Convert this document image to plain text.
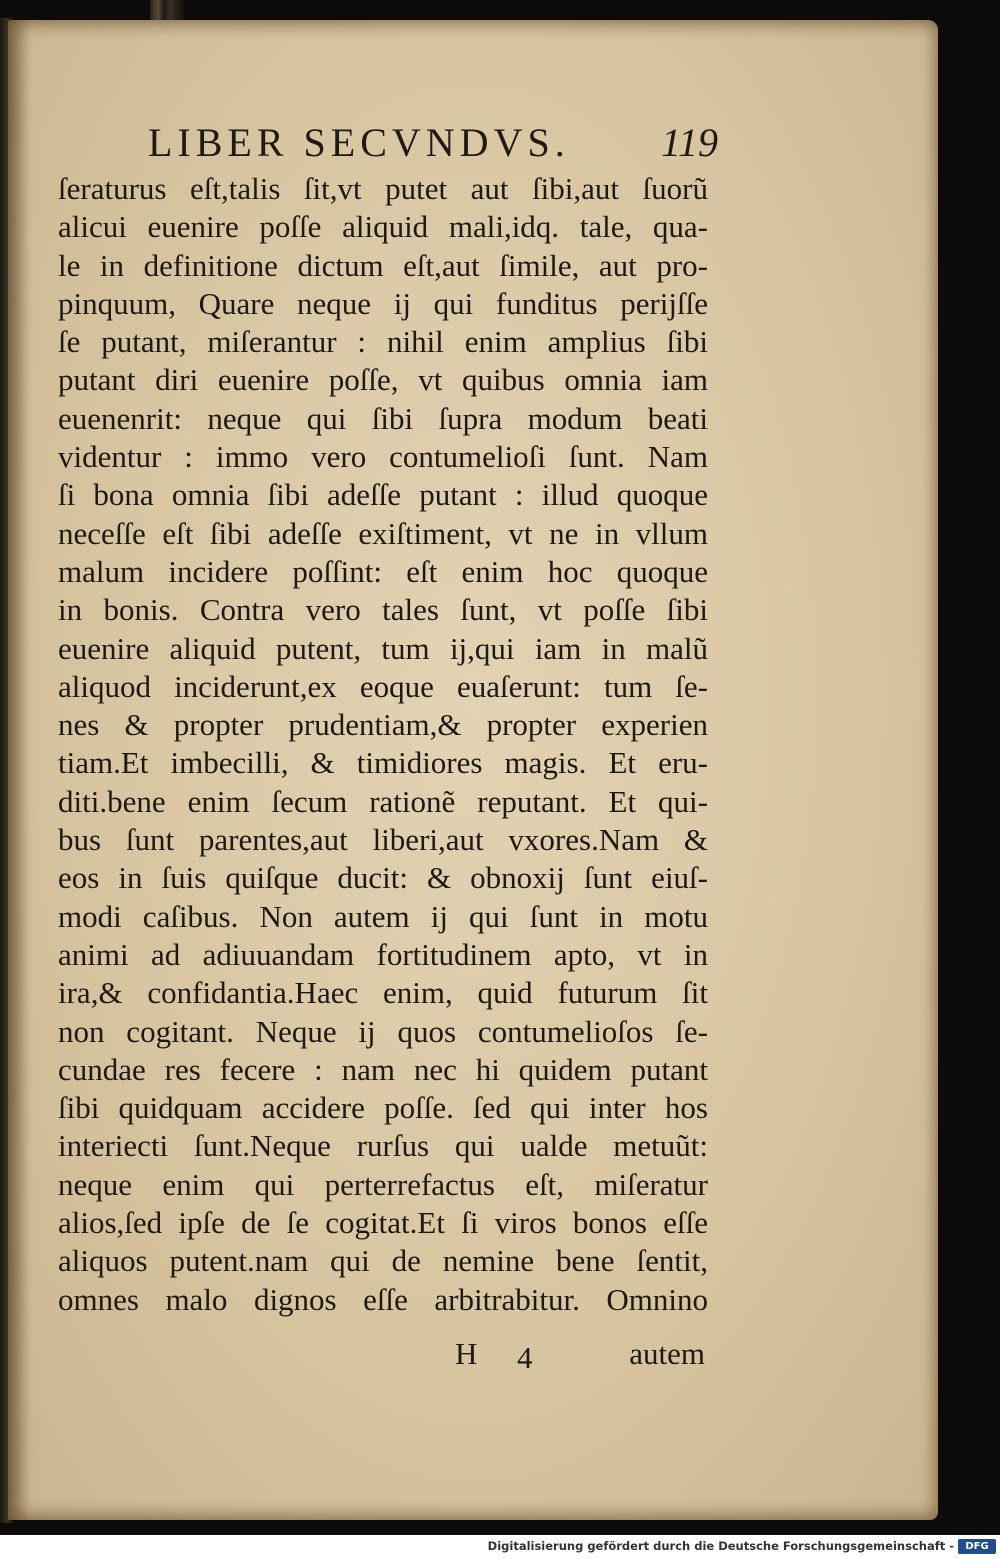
LIBER SECVNDVS. 119
ſeraturus eſt,talis ſit,vt putet aut ſibi,aut ſuorũ
alicui euenire poſſe aliquid mali,idq. tale, qua-
le in definitione dictum eſt,aut ſimile, aut pro-
pinquum, Quare neque ij qui funditus perijſſe
ſe putant, miſerantur : nihil enim amplius ſibi
putant diri euenire poſſe, vt quibus omnia iam
euenenrit: neque qui ſibi ſupra modum beati
videntur : immo vero contumelioſi ſunt. Nam
ſi bona omnia ſibi adeſſe putant : illud quoque
neceſſe eſt ſibi adeſſe exiſtiment, vt ne in vllum
malum incidere poſſint: eſt enim hoc quoque
in bonis. Contra vero tales ſunt, vt poſſe ſibi
euenire aliquid putent, tum ij,qui iam in malũ
aliquod inciderunt,ex eoque euaſerunt: tum ſe-
nes & propter prudentiam,& propter experien
tiam.Et imbecilli, & timidiores magis. Et eru-
diti.bene enim ſecum rationẽ reputant. Et qui-
bus ſunt parentes,aut liberi,aut vxores.Nam &
eos in ſuis quiſque ducit: & obnoxij ſunt eiuſ-
modi caſibus. Non autem ij qui ſunt in motu
animi ad adiuuandam fortitudinem apto, vt in
ira,& confidantia.Haec enim, quid futurum ſit
non cogitant. Neque ij quos contumelioſos ſe-
cundae res fecere : nam nec hi quidem putant
ſibi quidquam accidere poſſe. ſed qui inter hos
interiecti ſunt.Neque rurſus qui ualde metuũt:
neque enim qui perterrefactus eſt, miſeratur
alios,ſed ipſe de ſe cogitat.Et ſi viros bonos eſſe
aliquos putent.nam qui de nemine bene ſentit,
omnes malo dignos eſſe arbitrabitur. Omnino
H 4	autem
Digitalisierung gefördert durch die Deutsche Forschungsgemeinschaft -	DFG
